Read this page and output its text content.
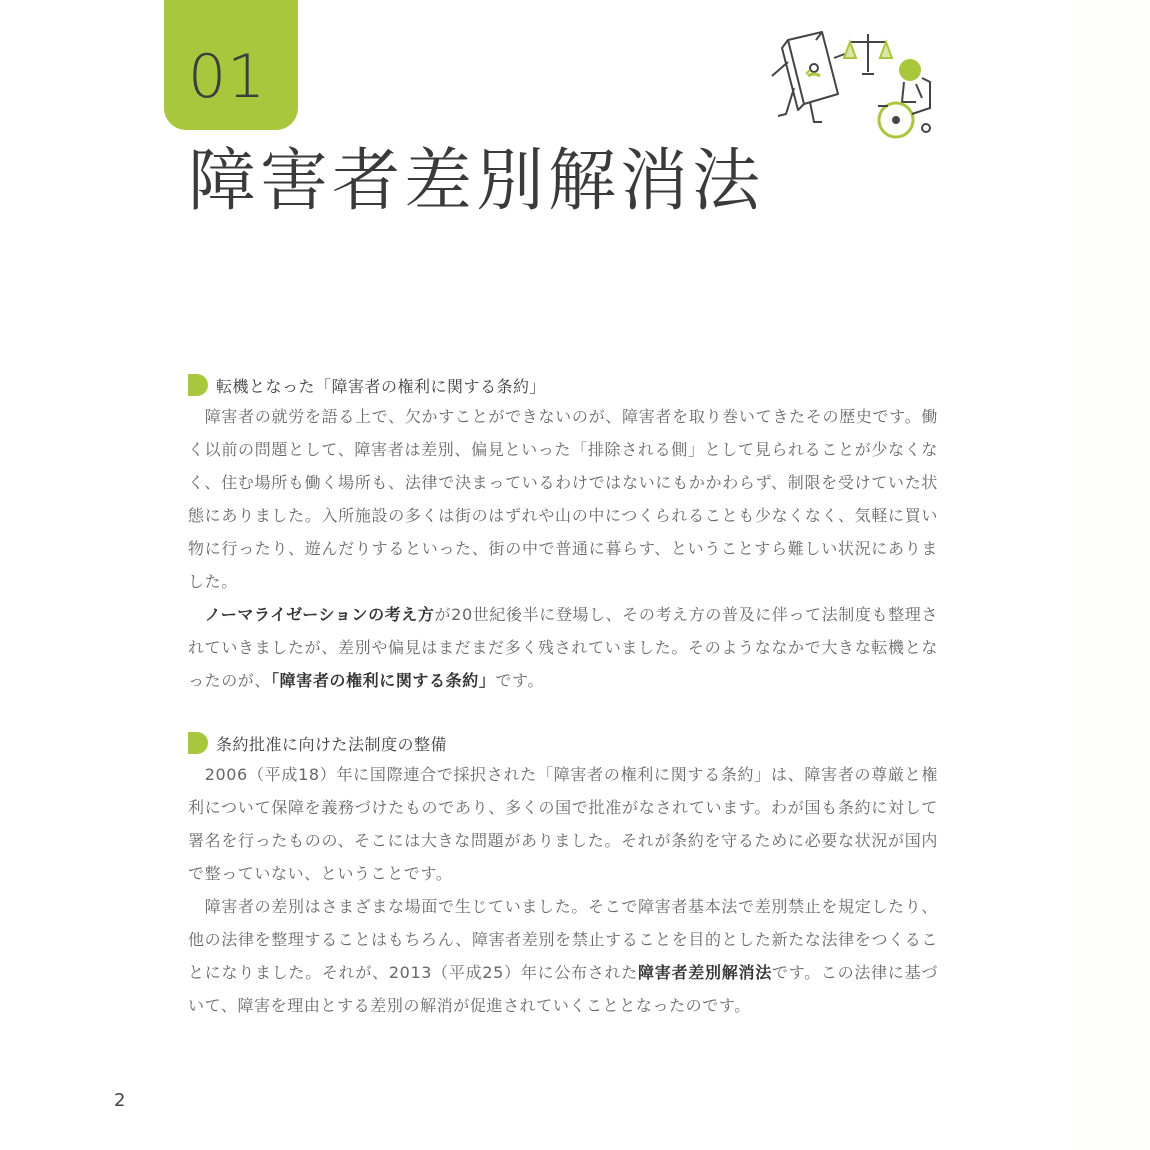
01
障害者差別解消法
転機となった「障害者の権利に関する条約」

　障害者の就労を語る上で、欠かすことができないのが、障害者を取り巻いてきたその歴史です。働く以前の問題として、障害者は差別、偏見といった「排除される側」として見られることが少なくなく、住む場所も働く場所も、法律で決まっているわけではないにもかかわらず、制限を受けていた状態にありました。入所施設の多くは街のはずれや山の中につくられることも少なくなく、気軽に買い物に行ったり、遊んだりするといった、街の中で普通に暮らす、ということすら難しい状況にありました。

　ノーマライゼーションの考え方が20世紀後半に登場し、その考え方の普及に伴って法制度も整理されていきましたが、差別や偏見はまだまだ多く残されていました。そのようななかで大きな転機となったのが、「障害者の権利に関する条約」です。

条約批准に向けた法制度の整備

　2006（平成18）年に国際連合で採択された「障害者の権利に関する条約」は、障害者の尊厳と権利について保障を義務づけたものであり、多くの国で批准がなされています。わが国も条約に対して署名を行ったものの、そこには大きな問題がありました。それが条約を守るために必要な状況が国内で整っていない、ということです。

　障害者の差別はさまざまな場面で生じていました。そこで障害者基本法で差別禁止を規定したり、他の法律を整理することはもちろん、障害者差別を禁止することを目的とした新たな法律をつくることになりました。それが、2013（平成25）年に公布された障害者差別解消法です。この法律に基づいて、障害を理由とする差別の解消が促進されていくこととなったのです。

2
